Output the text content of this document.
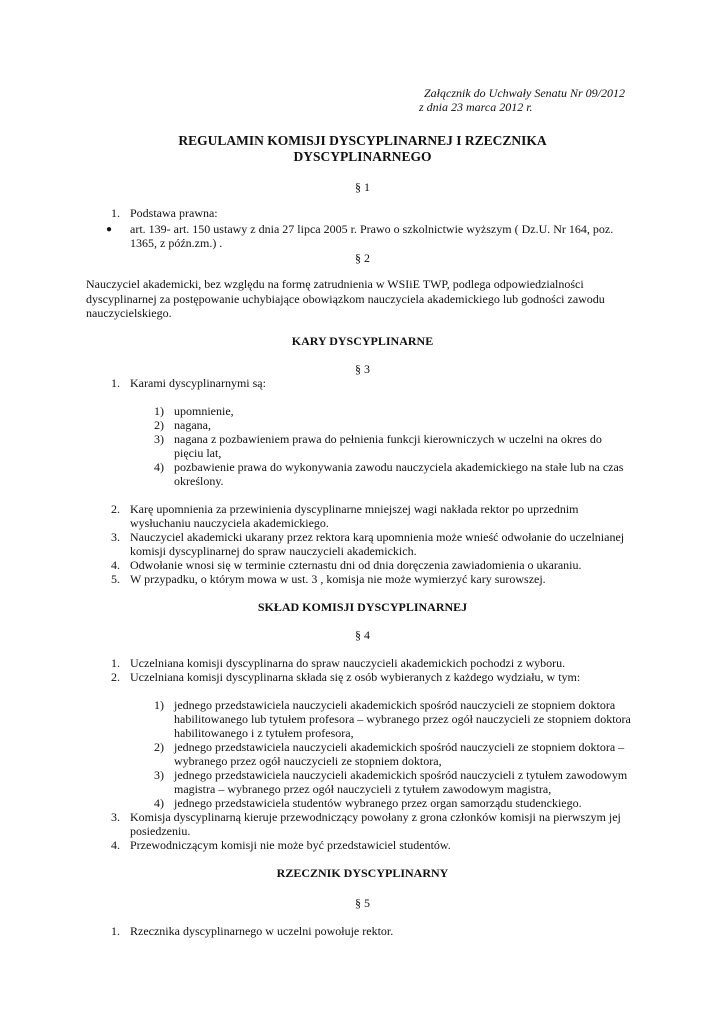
Załącznik do Uchwały Senatu Nr 09/2012
z dnia 23 marca 2012 r.
REGULAMIN KOMISJI DYSCYPLINARNEJ I RZECZNIKA
DYSCYPLINARNEGO
§ 1
1. Podstawa prawna:
● art. 139- art. 150 ustawy z dnia 27 lipca 2005 r. Prawo o szkolnictwie wyższym ( Dz.U. Nr 164, poz.
1365, z późn.zm.) .
§ 2
Nauczyciel akademicki, bez względu na formę zatrudnienia w WSIiE TWP, podlega odpowiedzialności
dyscyplinarnej za postępowanie uchybiające obowiązkom nauczyciela akademickiego lub godności zawodu
nauczycielskiego.
KARY DYSCYPLINARNE
§ 3
1. Karami dyscyplinarnymi są:
1) upomnienie,
2) nagana,
3) nagana z pozbawieniem prawa do pełnienia funkcji kierowniczych w uczelni na okres do
pięciu lat,
4) pozbawienie prawa do wykonywania zawodu nauczyciela akademickiego na stałe lub na czas
określony.
2. Karę upomnienia za przewinienia dyscyplinarne mniejszej wagi nakłada rektor po uprzednim
wysłuchaniu nauczyciela akademickiego.
3. Nauczyciel akademicki ukarany przez rektora karą upomnienia może wnieść odwołanie do uczelnianej
komisji dyscyplinarnej do spraw nauczycieli akademickich.
4. Odwołanie wnosi się w terminie czternastu dni od dnia doręczenia zawiadomienia o ukaraniu.
5. W przypadku, o którym mowa w ust. 3 , komisja nie może wymierzyć kary surowszej.
SKŁAD KOMISJI DYSCYPLINARNEJ
§ 4
1. Uczelniana komisji dyscyplinarna do spraw nauczycieli akademickich pochodzi z wyboru.
2. Uczelniana komisji dyscyplinarna składa się z osób wybieranych z każdego wydziału, w tym:
1) jednego przedstawiciela nauczycieli akademickich spośród nauczycieli ze stopniem doktora
habilitowanego lub tytułem profesora – wybranego przez ogół nauczycieli ze stopniem doktora
habilitowanego i z tytułem profesora,
2) jednego przedstawiciela nauczycieli akademickich spośród nauczycieli ze stopniem doktora –
wybranego przez ogół nauczycieli ze stopniem doktora,
3) jednego przedstawiciela nauczycieli akademickich spośród nauczycieli z tytułem zawodowym
magistra – wybranego przez ogół nauczycieli z tytułem zawodowym magistra,
4) jednego przedstawiciela studentów wybranego przez organ samorządu studenckiego.
3. Komisja dyscyplinarną kieruje przewodniczący powołany z grona członków komisji na pierwszym jej
posiedzeniu.
4. Przewodniczącym komisji nie może być przedstawiciel studentów.
RZECZNIK DYSCYPLINARNY
§ 5
1. Rzecznika dyscyplinarnego w uczelni powołuje rektor.
